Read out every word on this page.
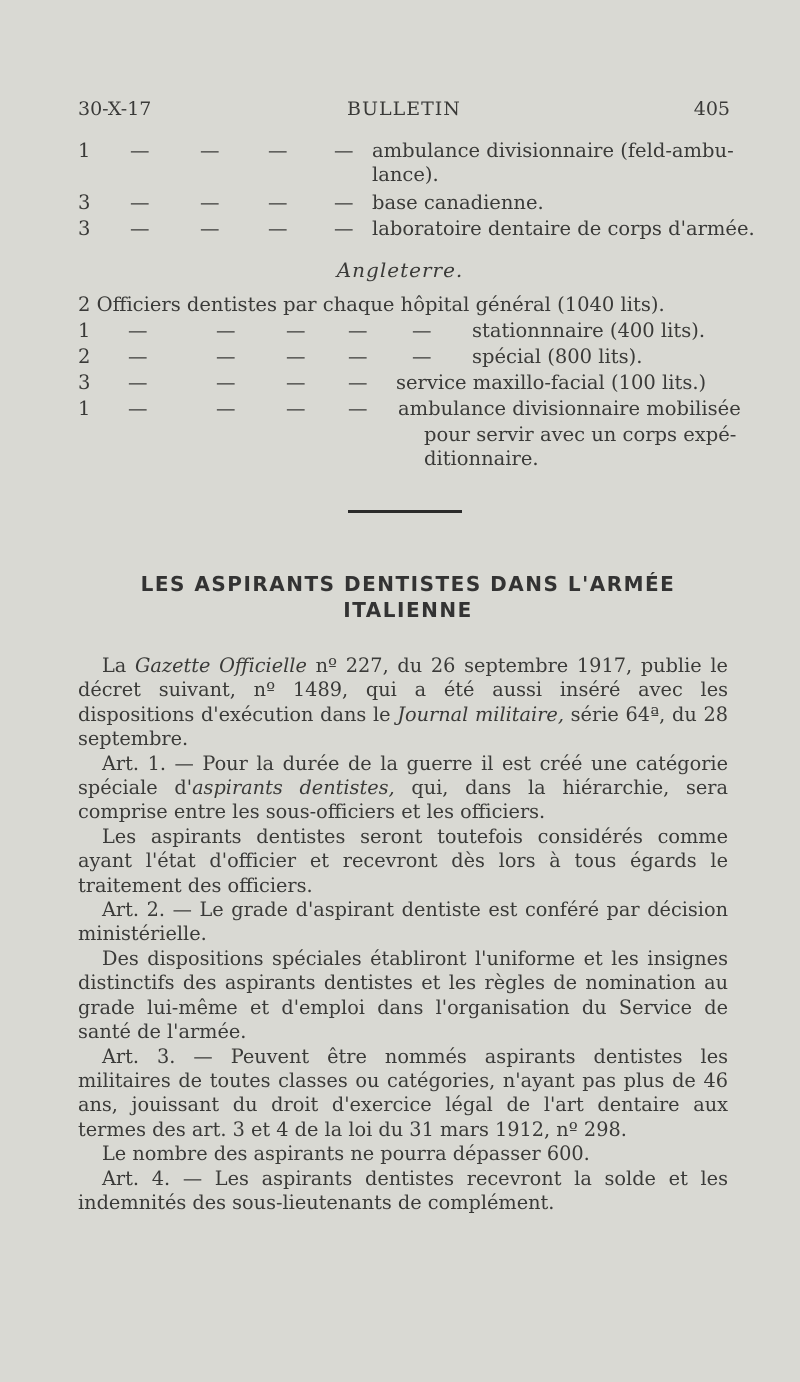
30-X-17	BULLETIN	405
1 —	— — — ambulance divisionnaire (feld-ambu-
lance).
3 —	— — — base canadienne.
3 —	— — — laboratoire dentaire de corps d'armée.
Angleterre.
2 Officiers dentistes par chaque hôpital général (1040 lits).
1 —	—	— — — stationnnaire (400 lits).
2 —	—	— — — spécial (800 lits).
3 —	—	— — service maxillo-facial (100 lits.)
1 —	—	— — ambulance divisionnaire mobilisée
pour servir avec un corps expé-
ditionnaire.
LES ASPIRANTS DENTISTES DANS L'ARMÉE
ITALIENNE

La Gazette Officielle nº 227, du 26 septembre 1917, publie le décret suivant, nº 1489, qui a été aussi inséré avec les dispositions d'exécution dans le Journal militaire, série 64ª, du 28 septembre.

Art. 1. — Pour la durée de la guerre il est créé une catégorie spéciale d'aspirants dentistes, qui, dans la hiérarchie, sera comprise entre les sous-officiers et les officiers.

Les aspirants dentistes seront toutefois considérés comme ayant l'état d'officier et recevront dès lors à tous égards le traitement des officiers.

Art. 2. — Le grade d'aspirant dentiste est conféré par décision ministérielle.

Des dispositions spéciales établiront l'uniforme et les insignes distinctifs des aspirants dentistes et les règles de nomination au grade lui-même et d'emploi dans l'organisation du Service de santé de l'armée.

Art. 3. — Peuvent être nommés aspirants dentistes les militaires de toutes classes ou catégories, n'ayant pas plus de 46 ans, jouissant du droit d'exercice légal de l'art dentaire aux termes des art. 3 et 4 de la loi du 31 mars 1912, nº 298.

Le nombre des aspirants ne pourra dépasser 600.

Art. 4. — Les aspirants dentistes recevront la solde et les indemnités des sous-lieutenants de complément.
